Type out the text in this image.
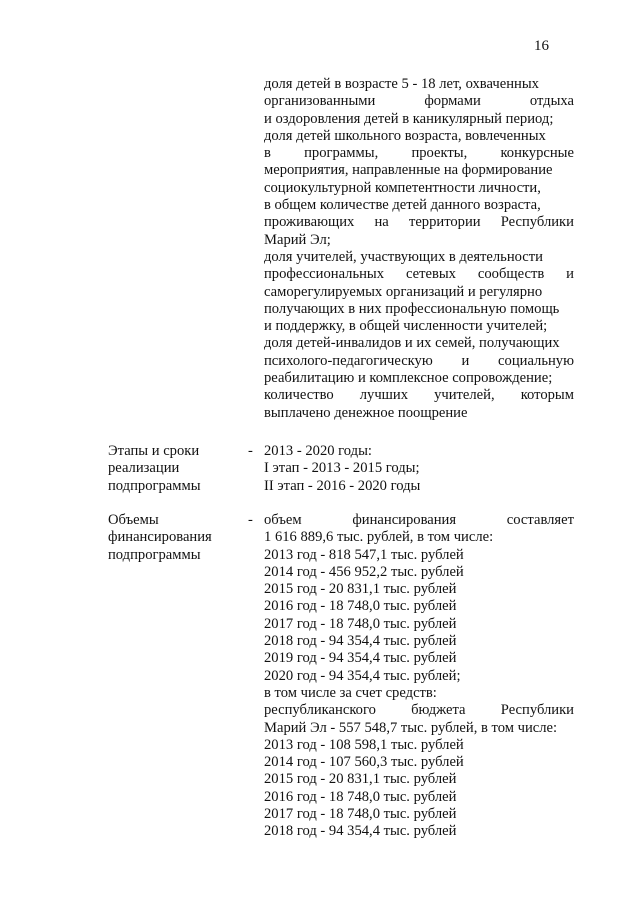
16
доля детей в возрасте 5 - 18 лет, охваченных
организованными	формами	отдыха
и оздоровления детей в каникулярный период;
доля детей школьного возраста, вовлеченных
в программы, проекты, конкурсные
мероприятия, направленные на формирование
социокультурной компетентности личности,
в общем количестве детей данного возраста,
проживающих на территории Республики
Марий Эл;
доля учителей, участвующих в деятельности
профессиональных сетевых сообществ и
саморегулируемых организаций и регулярно
получающих в них профессиональную помощь
и поддержку, в общей численности учителей;
доля детей-инвалидов и их семей, получающих
психолого-педагогическую и социальную
реабилитацию и комплексное сопровождение;
количество лучших учителей, которым
выплачено денежное поощрение
Этапы и сроки
реализации
подпрограммы
- 2013 - 2020 годы:
I этап - 2013 - 2015 годы;
II этап - 2016 - 2020 годы
Объемы
финансирования
подпрограммы
- объем	финансирования	составляет
1 616 889,6 тыс. рублей, в том числе:
2013 год - 818 547,1 тыс. рублей
2014 год - 456 952,2 тыс. рублей
2015 год - 20 831,1 тыс. рублей
2016 год - 18 748,0 тыс. рублей
2017 год - 18 748,0 тыс. рублей
2018 год - 94 354,4 тыс. рублей
2019 год - 94 354,4 тыс. рублей
2020 год - 94 354,4 тыс. рублей;
в том числе за счет средств:
республиканского бюджета Республики
Марий Эл - 557 548,7 тыс. рублей, в том числе:
2013 год - 108 598,1 тыс. рублей
2014 год - 107 560,3 тыс. рублей
2015 год - 20 831,1 тыс. рублей
2016 год - 18 748,0 тыс. рублей
2017 год - 18 748,0 тыс. рублей
2018 год - 94 354,4 тыс. рублей
